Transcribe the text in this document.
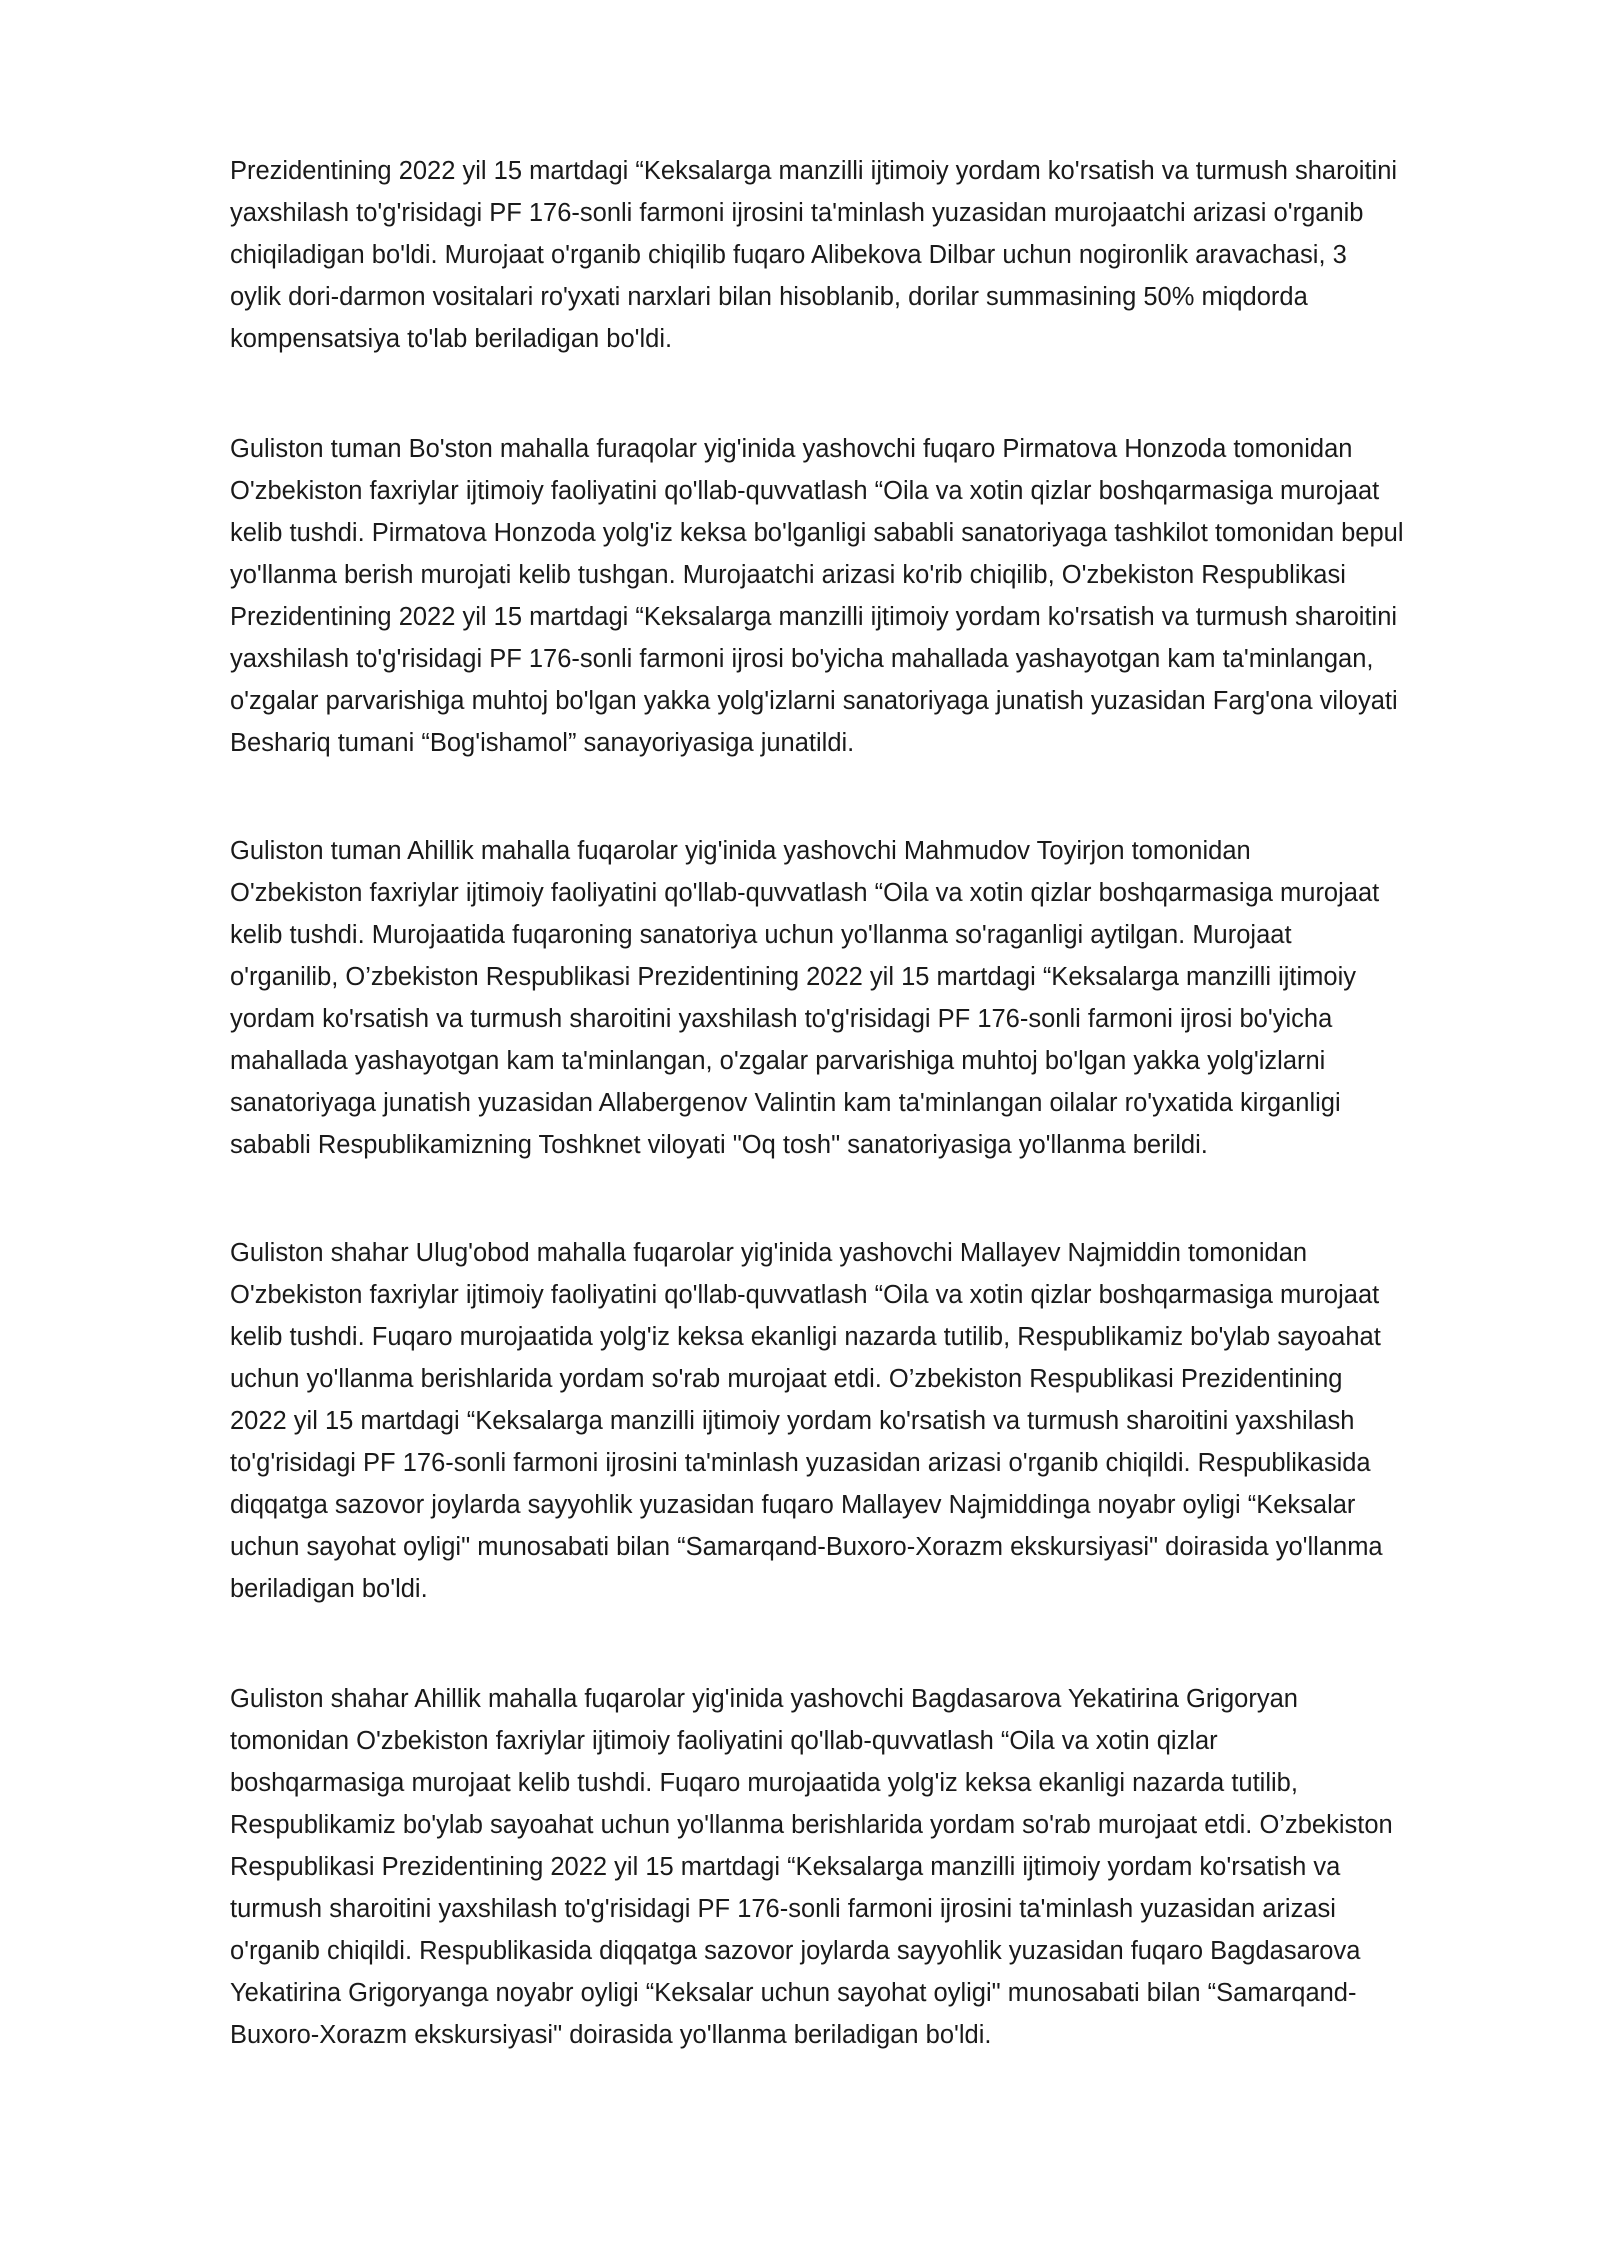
Prezidentining 2022 yil 15 martdagi “Keksalarga manzilli ijtimoiy yordam ko'rsatish va turmush sharoitini
yaxshilash to'g'risidagi PF 176-sonli farmoni ijrosini ta'minlash yuzasidan murojaatchi arizasi o'rganib
chiqiladigan bo'ldi. Murojaat o'rganib chiqilib fuqaro Alibekova Dilbar uchun nogironlik aravachasi, 3
oylik dori-darmon vositalari ro'yxati narxlari bilan hisoblanib, dorilar summasining 50% miqdorda
kompensatsiya to'lab beriladigan bo'ldi.

Guliston tuman Bo'ston mahalla furaqolar yig'inida yashovchi fuqaro Pirmatova Honzoda tomonidan
O'zbekiston faxriylar ijtimoiy faoliyatini qo'llab-quvvatlash “Oila va xotin qizlar boshqarmasiga murojaat
kelib tushdi. Pirmatova Honzoda yolg'iz keksa bo'lganligi sababli sanatoriyaga tashkilot tomonidan bepul
yo'llanma berish murojati kelib tushgan. Murojaatchi arizasi ko'rib chiqilib, O'zbekiston Respublikasi
Prezidentining 2022 yil 15 martdagi “Keksalarga manzilli ijtimoiy yordam ko'rsatish va turmush sharoitini
yaxshilash to'g'risidagi PF 176-sonli farmoni ijrosi bo'yicha mahallada yashayotgan kam ta'minlangan,
o'zgalar parvarishiga muhtoj bo'lgan yakka yolg'izlarni sanatoriyaga junatish yuzasidan Farg'ona viloyati
Beshariq tumani “Bog'ishamol” sanayoriyasiga junatildi.

Guliston tuman Ahillik mahalla fuqarolar yig'inida yashovchi Mahmudov Toyirjon tomonidan
O'zbekiston faxriylar ijtimoiy faoliyatini qo'llab-quvvatlash “Oila va xotin qizlar boshqarmasiga murojaat
kelib tushdi. Murojaatida fuqaroning sanatoriya uchun yo'llanma so'raganligi aytilgan. Murojaat
o'rganilib, O’zbekiston Respublikasi Prezidentining 2022 yil 15 martdagi “Keksalarga manzilli ijtimoiy
yordam ko'rsatish va turmush sharoitini yaxshilash to'g'risidagi PF 176-sonli farmoni ijrosi bo'yicha
mahallada yashayotgan kam ta'minlangan, o'zgalar parvarishiga muhtoj bo'lgan yakka yolg'izlarni
sanatoriyaga junatish yuzasidan Allabergenov Valintin kam ta'minlangan oilalar ro'yxatida kirganligi
sababli Respublikamizning Toshknet viloyati "Oq tosh" sanatoriyasiga yo'llanma berildi.

Guliston shahar Ulug'obod mahalla fuqarolar yig'inida yashovchi Mallayev Najmiddin tomonidan
O'zbekiston faxriylar ijtimoiy faoliyatini qo'llab-quvvatlash “Oila va xotin qizlar boshqarmasiga murojaat
kelib tushdi. Fuqaro murojaatida yolg'iz keksa ekanligi nazarda tutilib, Respublikamiz bo'ylab sayoahat
uchun yo'llanma berishlarida yordam so'rab murojaat etdi. O’zbekiston Respublikasi Prezidentining
2022 yil 15 martdagi “Keksalarga manzilli ijtimoiy yordam ko'rsatish va turmush sharoitini yaxshilash
to'g'risidagi PF 176-sonli farmoni ijrosini ta'minlash yuzasidan arizasi o'rganib chiqildi. Respublikasida
diqqatga sazovor joylarda sayyohlik yuzasidan fuqaro Mallayev Najmiddinga noyabr oyligi “Keksalar
uchun sayohat oyligi" munosabati bilan “Samarqand-Buxoro-Xorazm ekskursiyasi" doirasida yo'llanma
beriladigan bo'ldi.

Guliston shahar Ahillik mahalla fuqarolar yig'inida yashovchi Bagdasarova Yekatirina Grigoryan
tomonidan O'zbekiston faxriylar ijtimoiy faoliyatini qo'llab-quvvatlash “Oila va xotin qizlar
boshqarmasiga murojaat kelib tushdi. Fuqaro murojaatida yolg'iz keksa ekanligi nazarda tutilib,
Respublikamiz bo'ylab sayoahat uchun yo'llanma berishlarida yordam so'rab murojaat etdi. O’zbekiston
Respublikasi Prezidentining 2022 yil 15 martdagi “Keksalarga manzilli ijtimoiy yordam ko'rsatish va
turmush sharoitini yaxshilash to'g'risidagi PF 176-sonli farmoni ijrosini ta'minlash yuzasidan arizasi
o'rganib chiqildi. Respublikasida diqqatga sazovor joylarda sayyohlik yuzasidan fuqaro Bagdasarova
Yekatirina Grigoryanga noyabr oyligi “Keksalar uchun sayohat oyligi" munosabati bilan “Samarqand-
Buxoro-Xorazm ekskursiyasi" doirasida yo'llanma beriladigan bo'ldi.
